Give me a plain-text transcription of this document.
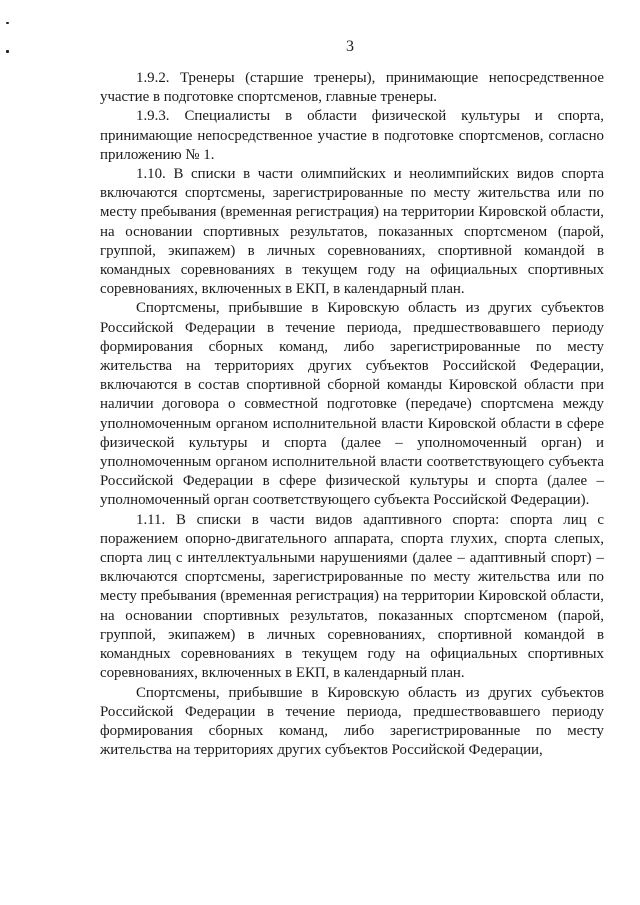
3

1.9.2. Тренеры (старшие тренеры), принимающие непосредственное участие в подготовке спортсменов, главные тренеры.

1.9.3. Специалисты в области физической культуры и спорта, принимающие непосредственное участие в подготовке спортсменов, согласно приложению № 1.

1.10. В списки в части олимпийских и неолимпийских видов спорта включаются спортсмены, зарегистрированные по месту жительства или по месту пребывания (временная регистрация) на территории Кировской области, на основании спортивных результатов, показанных спортсменом (парой, группой, экипажем) в личных соревнованиях, спортивной командой в командных соревнованиях в текущем году на официальных спортивных соревнованиях, включенных в ЕКП, в календарный план.

Спортсмены, прибывшие в Кировскую область из других субъектов Российской Федерации в течение периода, предшествовавшего периоду формирования сборных команд, либо зарегистрированные по месту жительства на территориях других субъектов Российской Федерации, включаются в состав спортивной сборной команды Кировской области при наличии договора о совместной подготовке (передаче) спортсмена между уполномоченным органом исполнительной власти Кировской области в сфере физической культуры и спорта (далее – уполномоченный орган) и уполномоченным органом исполнительной власти соответствующего субъекта Российской Федерации в сфере физической культуры и спорта (далее – уполномоченный орган соответствующего субъекта Российской Федерации).

1.11. В списки в части видов адаптивного спорта: спорта лиц с поражением опорно-двигательного аппарата, спорта глухих, спорта слепых, спорта лиц с интеллектуальными нарушениями (далее – адаптивный спорт) – включаются спортсмены, зарегистрированные по месту жительства или по месту пребывания (временная регистрация) на территории Кировской области, на основании спортивных результатов, показанных спортсменом (парой, группой, экипажем) в личных соревнованиях, спортивной командой в командных соревнованиях в текущем году на официальных спортивных соревнованиях, включенных в ЕКП, в календарный план.

Спортсмены, прибывшие в Кировскую область из других субъектов Российской Федерации в течение периода, предшествовавшего периоду формирования сборных команд, либо зарегистрированные по месту жительства на территориях других субъектов Российской Федерации,
